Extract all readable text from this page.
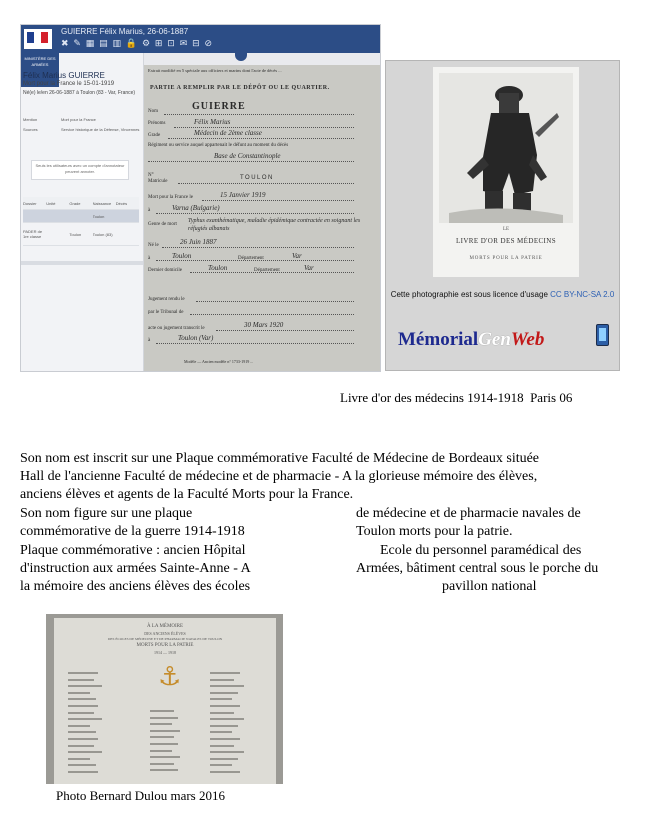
GUIERRE Félix Marius, 26-06-1887
✖ ✎ ▦ ▤ ▥ 🔒 ⚙ ⊞ ⊡ ✉ ⊟ ⊘
MINISTÈRE DES ARMÉES
Félix Marius GUIERRE
Mort pour la France le 15-01-1919
Né(e) le/en 26-06-1887 à Toulon (83 - Var, France)
Mention	Mort pour la France
Sources	Service historique de la Défense, Vincennes
Seuls les utilisateurs avec un compte d'annotateur peuvent annoter.
Dossier	Unité	Grade	Naissance	Décès
Toulon
PADER de 1re classe	Toulon	Toulon (83)
Extrait modifié en 5 spéciale aux officiers et marins dont l'acte de décès ...
PARTIE A REMPLIR PAR LE DÉPÔT OU LE QUARTIER.
Nom	GUIERRE
Prénoms	Félix Marius
Grade	Médecin de 2ème classe
Régiment ou service auquel appartenait le défunt au moment du décès
Base de Constantinople
N° Matricule
TOULON
Mort pour la France le	15 Janvier 1919
à	Varna (Bulgarie)
Genre de mort
Typhus exanthématique, maladie épidémique contractée en soignant les réfugiés albanais
Né le	26 Juin 1887
à	Toulon	Département	Var
Dernier domicile	Toulon	Département	Var
Jugement rendu le
par le Tribunal de
acte ou jugement transcrit le	30 Mars 1920
à	Toulon (Var)
Modèle — Ancien modèle n° 1733-1919 ...
LE
LIVRE D'OR DES MÉDECINS
MORTS POUR LA PATRIE
Cette photographie est sous licence d'usage CC BY-NC-SA 2.0
MémorialGenWeb
Livre d'or des médecins 1914-1918  Paris 06
Son nom est inscrit sur une Plaque commémorative Faculté de Médecine de Bordeaux située
Hall de l'ancienne Faculté de médecine et de pharmacie - A la glorieuse mémoire des élèves,
anciens élèves et agents de la Faculté Morts pour la France.
Son nom figure sur une plaque
commémorative de la guerre 1914-1918
Plaque commémorative : ancien Hôpital
d'instruction aux armées Sainte-Anne - A
la mémoire des anciens élèves des écoles
de médecine et de pharmacie navales de
Toulon morts pour la patrie.
Ecole du personnel paramédical des
Armées, bâtiment central sous le porche du
pavillon national
À LA MÉMOIRE
DES ANCIENS ÉLÈVES
DES ÉCOLES DE MÉDECINE ET DE PHARMACIE NAVALES DE TOULON
MORTS POUR LA PATRIE
1914 — 1918
⚓
Photo Bernard Dulou mars 2016
